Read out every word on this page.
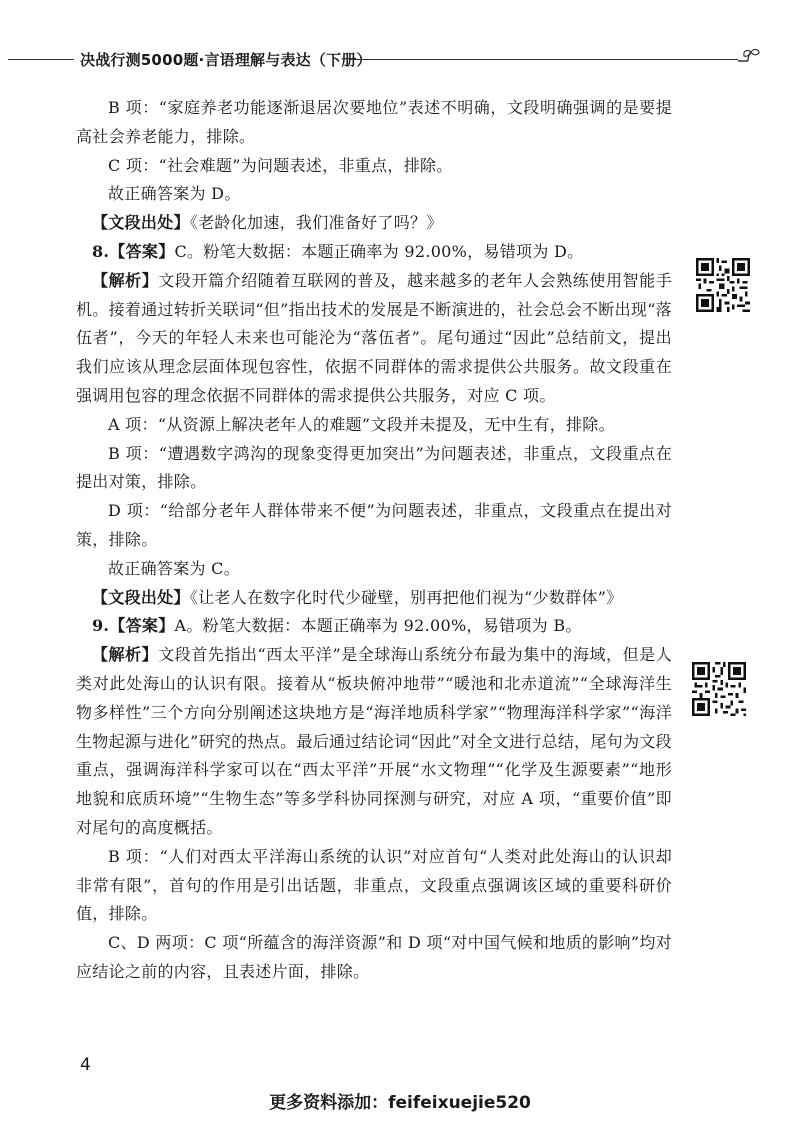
决战行测5000题·言语理解与表达（下册）

B 项：“家庭养老功能逐渐退居次要地位”表述不明确，文段明确强调的是要提高社会养老能力，排除。

C 项：“社会难题”为问题表述，非重点，排除。

故正确答案为 D。

【文段出处】《老龄化加速，我们准备好了吗？》

8.【答案】C。粉笔大数据：本题正确率为 92.00%，易错项为 D。

【解析】文段开篇介绍随着互联网的普及，越来越多的老年人会熟练使用智能手机。接着通过转折关联词“但”指出技术的发展是不断演进的，社会总会不断出现“落伍者”，今天的年轻人未来也可能沦为“落伍者”。尾句通过“因此”总结前文，提出我们应该从理念层面体现包容性，依据不同群体的需求提供公共服务。故文段重在强调用包容的理念依据不同群体的需求提供公共服务，对应 C 项。

A 项：“从资源上解决老年人的难题”文段并未提及，无中生有，排除。

B 项：“遭遇数字鸿沟的现象变得更加突出”为问题表述，非重点，文段重点在提出对策，排除。

D 项：“给部分老年人群体带来不便”为问题表述，非重点，文段重点在提出对策，排除。

故正确答案为 C。

【文段出处】《让老人在数字化时代少碰壁，别再把他们视为“少数群体”》

9.【答案】A。粉笔大数据：本题正确率为 92.00%，易错项为 B。

【解析】文段首先指出“西太平洋”是全球海山系统分布最为集中的海域，但是人类对此处海山的认识有限。接着从“板块俯冲地带”“暖池和北赤道流”“全球海洋生物多样性”三个方向分别阐述这块地方是“海洋地质科学家”“物理海洋科学家”“海洋生物起源与进化”研究的热点。最后通过结论词“因此”对全文进行总结，尾句为文段重点，强调海洋科学家可以在“西太平洋”开展“水文物理”“化学及生源要素”“地形地貌和底质环境”“生物生态”等多学科协同探测与研究，对应 A 项，“重要价值”即对尾句的高度概括。

B 项：“人们对西太平洋海山系统的认识”对应首句“人类对此处海山的认识却非常有限”，首句的作用是引出话题，非重点，文段重点强调该区域的重要科研价值，排除。

C、D 两项：C 项“所蕴含的海洋资源”和 D 项“对中国气候和地质的影响”均对应结论之前的内容，且表述片面，排除。

4
更多资料添加：feifeixuejie520
